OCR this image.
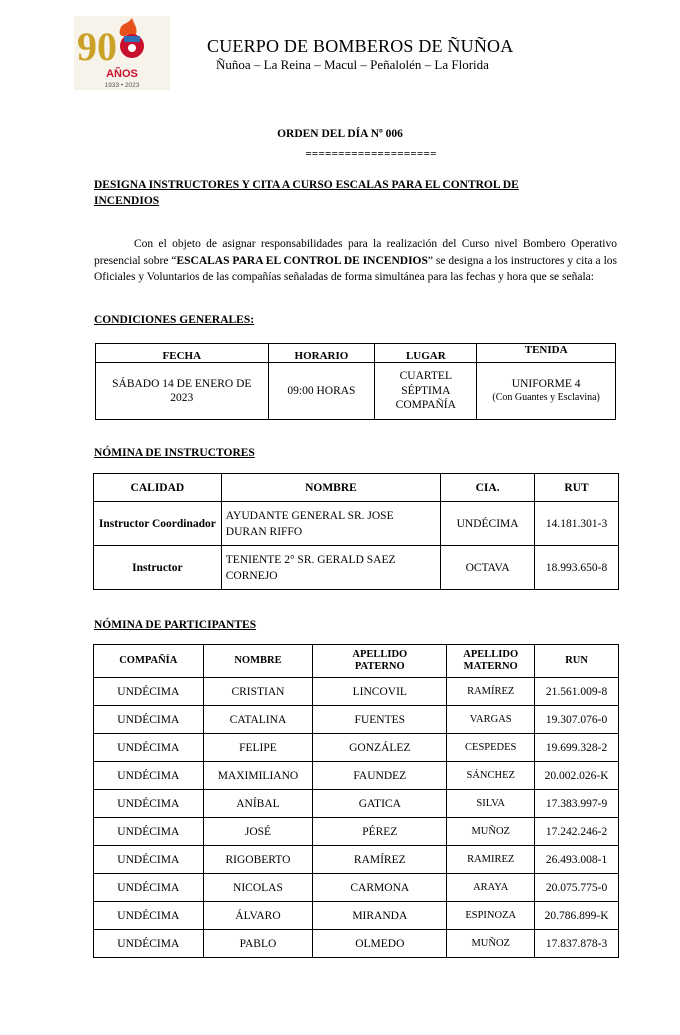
90
AÑOS
1933 • 2023
CUERPO DE BOMBEROS DE ÑUÑOA
Ñuñoa – La Reina – Macul – Peñalolén – La Florida
ORDEN DEL DÍA Nº 006
====================
DESIGNA INSTRUCTORES Y CITA A CURSO ESCALAS PARA EL CONTROL DE INCENDIOS
Con el objeto de asignar responsabilidades para la realización del Curso nivel Bombero Operativo presencial sobre “ESCALAS PARA EL CONTROL DE INCENDIOS” se designa a los instructores y cita a los Oficiales y Voluntarios de las compañías señaladas de forma simultánea para las fechas y hora que se señala:
CONDICIONES GENERALES:
FECHA	HORARIO	LUGAR	TENIDA
SÁBADO 14 DE ENERO DE 2023	09:00 HORAS	CUARTEL SÉPTIMA COMPAÑÍA	UNIFORME 4
(Con Guantes y Esclavina)
NÓMINA DE INSTRUCTORES
CALIDAD	NOMBRE	CIA.	RUT
Instructor Coordinador	AYUDANTE GENERAL SR. JOSE DURAN RIFFO	UNDÉCIMA	14.181.301-3
Instructor	TENIENTE 2° SR. GERALD SAEZ CORNEJO	OCTAVA	18.993.650-8
NÓMINA DE PARTICIPANTES
COMPAÑÍA	NOMBRE	APELLIDO PATERNO	APELLIDO MATERNO	RUN
UNDÉCIMA	CRISTIAN	LINCOVIL	RAMÍREZ	21.561.009-8
UNDÉCIMA	CATALINA	FUENTES	VARGAS	19.307.076-0
UNDÉCIMA	FELIPE	GONZÁLEZ	CESPEDES	19.699.328-2
UNDÉCIMA	MAXIMILIANO	FAUNDEZ	SÁNCHEZ	20.002.026-K
UNDÉCIMA	ANÍBAL	GATICA	SILVA	17.383.997-9
UNDÉCIMA	JOSÉ	PÉREZ	MUÑOZ	17.242.246-2
UNDÉCIMA	RIGOBERTO	RAMÍREZ	RAMIREZ	26.493.008-1
UNDÉCIMA	NICOLAS	CARMONA	ARAYA	20.075.775-0
UNDÉCIMA	ÁLVARO	MIRANDA	ESPINOZA	20.786.899-K
UNDÉCIMA	PABLO	OLMEDO	MUÑOZ	17.837.878-3
